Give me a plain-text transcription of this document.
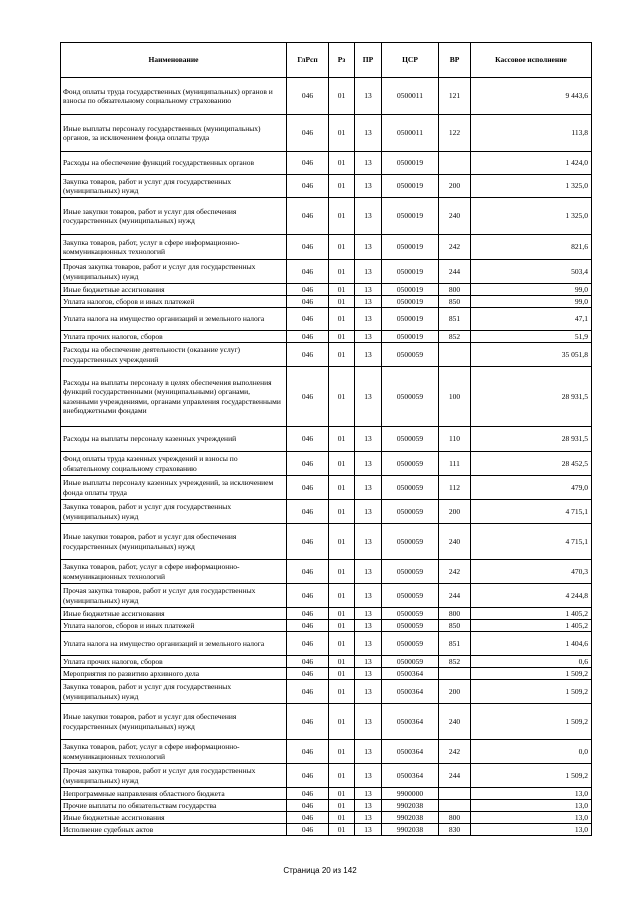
Наименование	ГлРсп	Рз	ПР	ЦСР	ВР	Кассовое исполнение
Фонд оплаты труда государственных (муниципальных) органов и взносы по обязательному социальному страхованию	046	01	13	0500011	121	9 443,6
Иные выплаты персоналу государственных (муниципальных) органов, за исключением фонда оплаты труда	046	01	13	0500011	122	113,8
Расходы на обеспечение функций государственных органов	046	01	13	0500019		1 424,0
Закупка товаров, работ и услуг для государственных (муниципальных) нужд	046	01	13	0500019	200	1 325,0
Иные закупки товаров, работ и услуг для обеспечения государственных (муниципальных) нужд	046	01	13	0500019	240	1 325,0
Закупка товаров, работ, услуг в сфере информационно-коммуникационных технологий	046	01	13	0500019	242	821,6
Прочая закупка товаров, работ и услуг для государственных (муниципальных) нужд	046	01	13	0500019	244	503,4
Иные бюджетные ассигнования	046	01	13	0500019	800	99,0
Уплата налогов, сборов и иных платежей	046	01	13	0500019	850	99,0
Уплата налога на имущество организаций и земельного налога	046	01	13	0500019	851	47,1
Уплата прочих налогов, сборов	046	01	13	0500019	852	51,9
Расходы на обеспечение деятельности (оказание услуг) государственных учреждений	046	01	13	0500059		35 051,8
Расходы на выплаты персоналу в целях обеспечения выполнения функций государственными (муниципальными) органами, казенными учреждениями, органами управления государственными внебюджетными фондами	046	01	13	0500059	100	28 931,5
Расходы на выплаты персоналу казенных учреждений	046	01	13	0500059	110	28 931,5
Фонд оплаты труда казенных учреждений и взносы по обязательному социальному страхованию	046	01	13	0500059	111	28 452,5
Иные выплаты персоналу казенных учреждений, за исключением фонда оплаты труда	046	01	13	0500059	112	479,0
Закупка товаров, работ и услуг для государственных (муниципальных) нужд	046	01	13	0500059	200	4 715,1
Иные закупки товаров, работ и услуг для обеспечения государственных (муниципальных) нужд	046	01	13	0500059	240	4 715,1
Закупка товаров, работ, услуг в сфере информационно-коммуникационных технологий	046	01	13	0500059	242	470,3
Прочая закупка товаров, работ и услуг для государственных (муниципальных) нужд	046	01	13	0500059	244	4 244,8
Иные бюджетные ассигнования	046	01	13	0500059	800	1 405,2
Уплата налогов, сборов и иных платежей	046	01	13	0500059	850	1 405,2
Уплата налога на имущество организаций и земельного налога	046	01	13	0500059	851	1 404,6
Уплата прочих налогов, сборов	046	01	13	0500059	852	0,6
Мероприятия по развитию архивного дела	046	01	13	0500364		1 509,2
Закупка товаров, работ и услуг для государственных (муниципальных) нужд	046	01	13	0500364	200	1 509,2
Иные закупки товаров, работ и услуг для обеспечения государственных (муниципальных) нужд	046	01	13	0500364	240	1 509,2
Закупка товаров, работ, услуг в сфере информационно-коммуникационных технологий	046	01	13	0500364	242	0,0
Прочая закупка товаров, работ и услуг для государственных (муниципальных) нужд	046	01	13	0500364	244	1 509,2
Непрограммные направления областного бюджета	046	01	13	9900000		13,0
Прочие выплаты по обязательствам государства	046	01	13	9902038		13,0
Иные бюджетные ассигнования	046	01	13	9902038	800	13,0
Исполнение судебных актов	046	01	13	9902038	830	13,0
Страница 20 из 142
